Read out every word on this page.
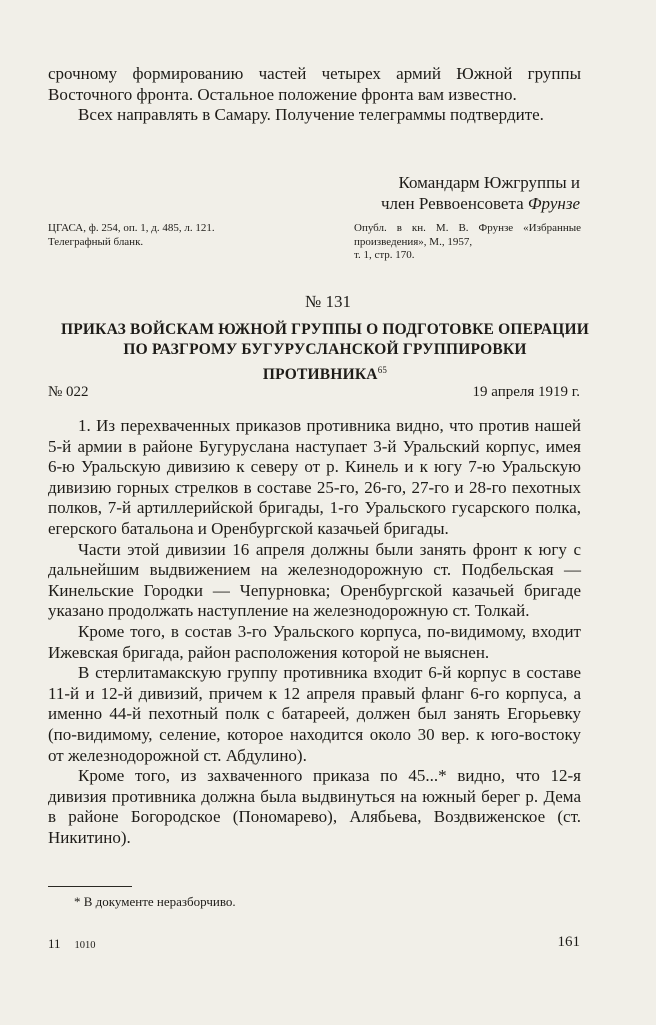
срочному формированию частей четырех армий Южной группы Восточного фронта. Остальное положение фронта вам известно.

Всех направлять в Самару. Получение телеграммы подтвердите.

Командарм Южгруппы и
член Реввоенсовета Фрунзе
ЦГАСА, ф. 254, оп. 1, д. 485, л. 121.
Телеграфный бланк.
Опубл. в кн. М. В. Фрунзе «Избранные произведения», М., 1957,
т. 1, стр. 170.
№ 131
ПРИКАЗ ВОЙСКАМ ЮЖНОЙ ГРУППЫ О ПОДГОТОВКЕ ОПЕРАЦИИ ПО РАЗГРОМУ БУГУРУСЛАНСКОЙ ГРУППИРОВКИ ПРОТИВНИКА$^{65}$
№ 022	19 апреля 1919 г.

1. Из перехваченных приказов противника видно, что против нашей 5-й армии в районе Бугуруслана наступает 3-й Уральский корпус, имея 6-ю Уральскую дивизию к северу от р. Кинель и к югу 7-ю Уральскую дивизию горных стрелков в составе 25-го, 26-го, 27-го и 28-го пехотных полков, 7-й артиллерийской бригады, 1-го Уральского гусарского полка, егерского батальона и Оренбургской казачьей бригады.

Части этой дивизии 16 апреля должны были занять фронт к югу с дальнейшим выдвижением на железнодорожную ст. Подбельская — Кинельские Городки — Чепурновка; Оренбургской казачьей бригаде указано продолжать наступление на железнодорожную ст. Толкай.

Кроме того, в состав 3-го Уральского корпуса, по-видимому, входит Ижевская бригада, район расположения которой не выяснен.

В стерлитамакскую группу противника входит 6-й корпус в составе 11-й и 12-й дивизий, причем к 12 апреля правый фланг 6-го корпуса, а именно 44-й пехотный полк с батареей, должен был занять Егорьевку (по-видимому, селение, которое находится около 30 вер. к юго-востоку от железнодорожной ст. Абдулино).

Кроме того, из захваченного приказа по 45...* видно, что 12-я дивизия противника должна была выдвинуться на южный берег р. Дема в районе Богородское (Пономарево), Алябьева, Воздвиженское (ст. Никитино).

* В документе неразборчиво.
11 1010	161
